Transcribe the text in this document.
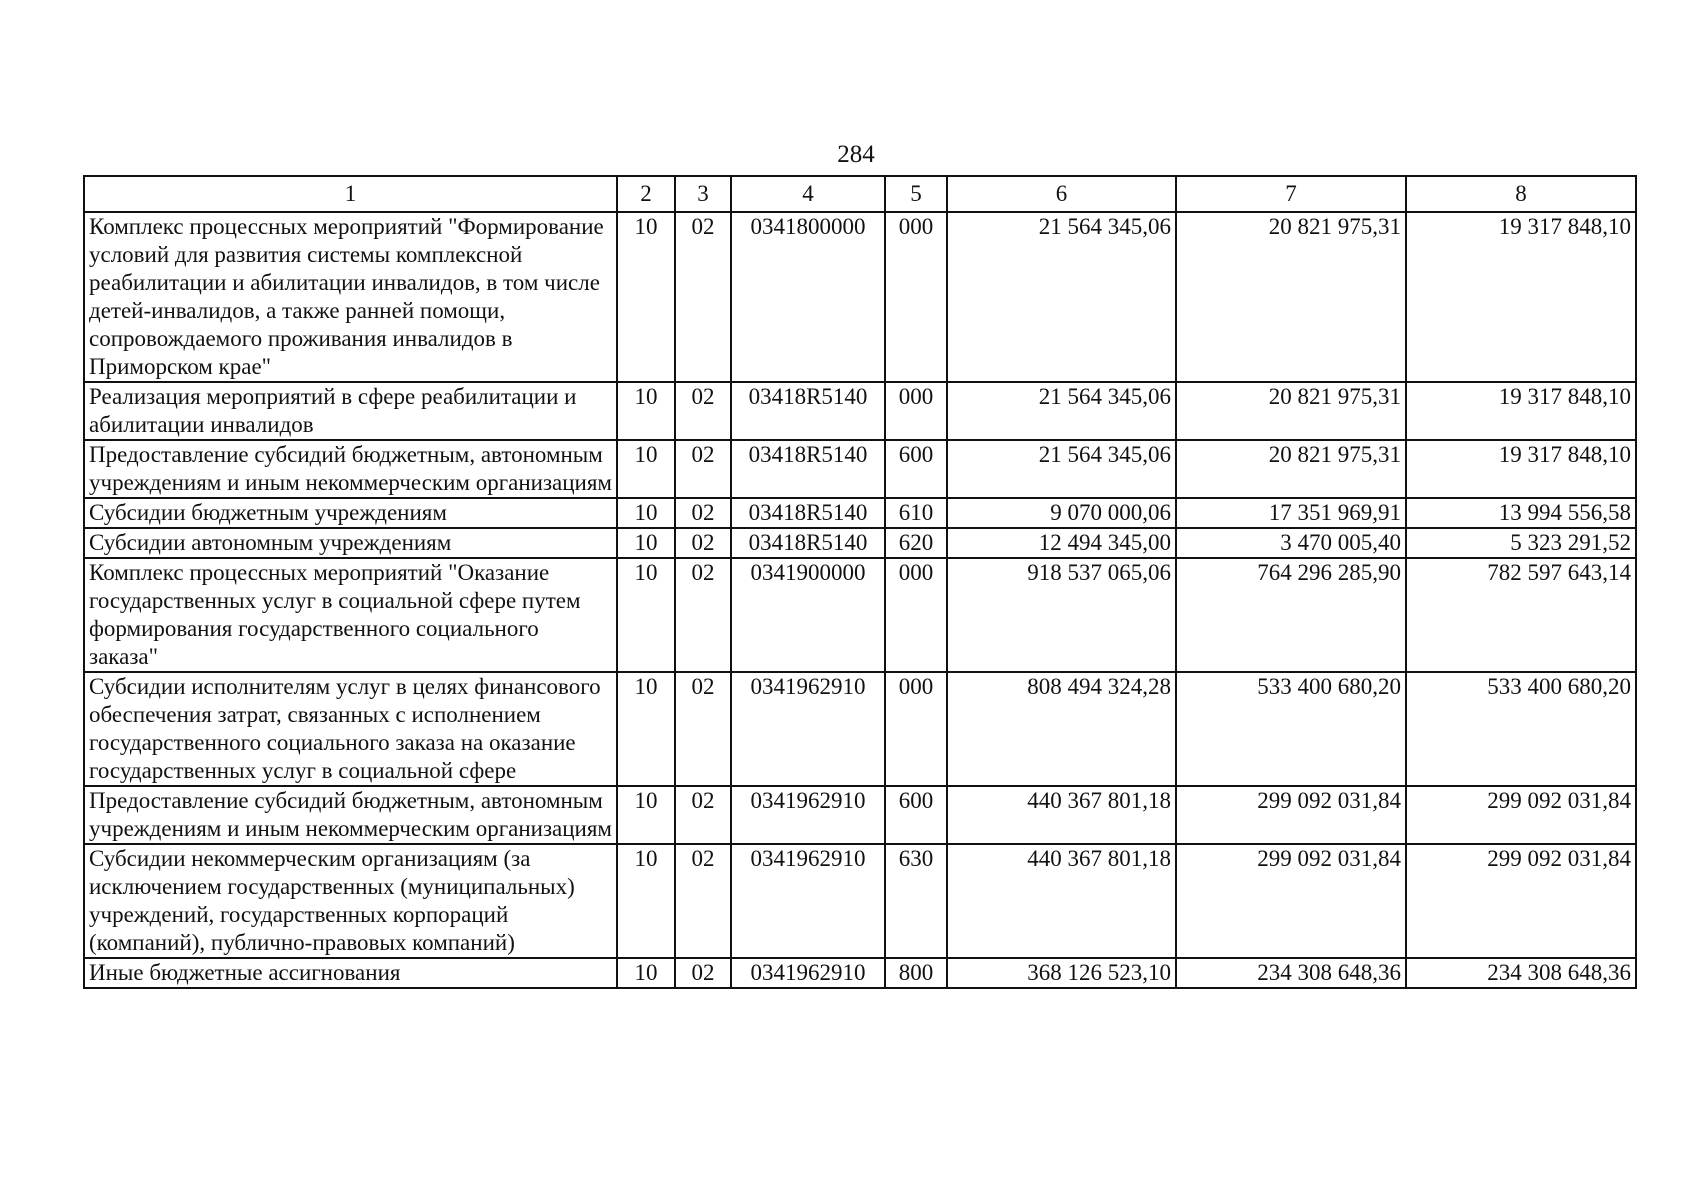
284
1	2	3	4	5	6	7	8
Комплекс процессных мероприятий "Формирование условий для развития системы комплексной реабилитации и абилитации инвалидов, в том числе детей-инвалидов, а также ранней помощи, сопровождаемого проживания инвалидов в Приморском крае"	10	02	0341800000	000	21 564 345,06	20 821 975,31	19 317 848,10
Реализация мероприятий в сфере реабилитации и абилитации инвалидов	10	02	03418R5140	000	21 564 345,06	20 821 975,31	19 317 848,10
Предоставление субсидий бюджетным, автономным учреждениям и иным некоммерческим организациям	10	02	03418R5140	600	21 564 345,06	20 821 975,31	19 317 848,10
Субсидии бюджетным учреждениям	10	02	03418R5140	610	9 070 000,06	17 351 969,91	13 994 556,58
Субсидии автономным учреждениям	10	02	03418R5140	620	12 494 345,00	3 470 005,40	5 323 291,52
Комплекс процессных мероприятий "Оказание государственных услуг в социальной сфере путем формирования государственного социального заказа"	10	02	0341900000	000	918 537 065,06	764 296 285,90	782 597 643,14
Субсидии исполнителям услуг в целях финансового обеспечения затрат, связанных с исполнением государственного социального заказа на оказание государственных услуг в социальной сфере	10	02	0341962910	000	808 494 324,28	533 400 680,20	533 400 680,20
Предоставление субсидий бюджетным, автономным учреждениям и иным некоммерческим организациям	10	02	0341962910	600	440 367 801,18	299 092 031,84	299 092 031,84
Субсидии некоммерческим организациям (за исключением государственных (муниципальных) учреждений, государственных корпораций (компаний), публично-правовых компаний)	10	02	0341962910	630	440 367 801,18	299 092 031,84	299 092 031,84
Иные бюджетные ассигнования	10	02	0341962910	800	368 126 523,10	234 308 648,36	234 308 648,36
